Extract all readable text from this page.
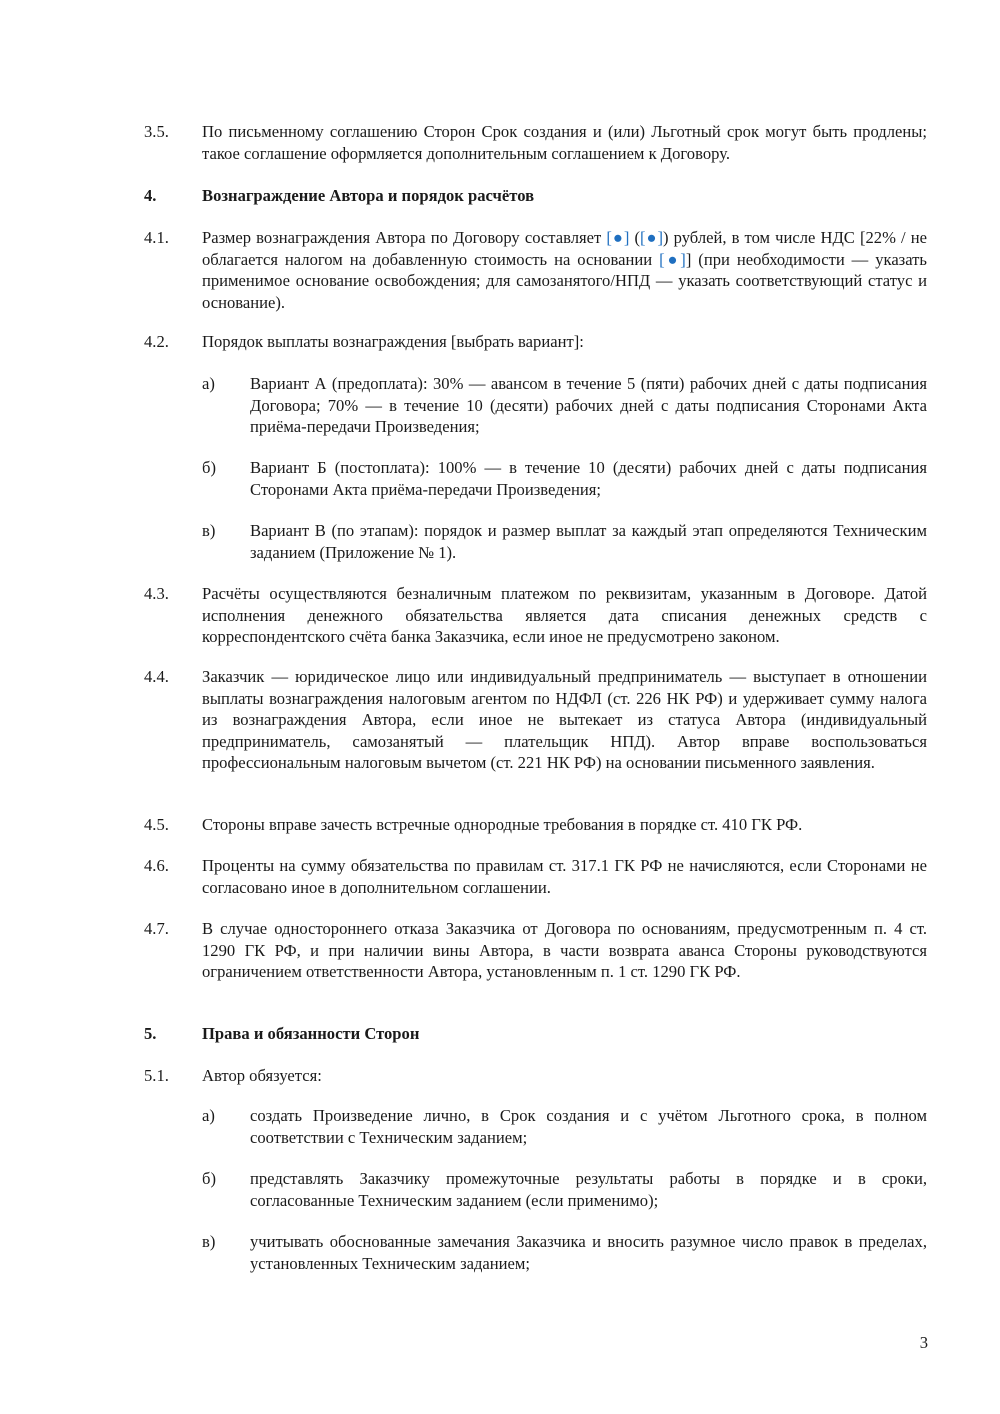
3.5.	По письменному соглашению Сторон Срок создания и (или) Льготный срок могут быть продлены; такое соглашение оформляется дополнительным соглашением к Договору.
4.	Вознаграждение Автора и порядок расчётов
4.1.	Размер вознаграждения Автора по Договору составляет [●] ([●]) рублей, в том числе НДС [22% / не облагается налогом на добавленную стоимость на основании [●]] (при необходимости — указать применимое основание освобождения; для самозанятого/НПД — указать соответствующий статус и основание).
4.2.	Порядок выплаты вознаграждения [выбрать вариант]:
а)	Вариант А (предоплата): 30% — авансом в течение 5 (пяти) рабочих дней с даты подписания Договора; 70% — в течение 10 (десяти) рабочих дней с даты подписания Сторонами Акта приёма-передачи Произведения;
б)	Вариант Б (постоплата): 100% — в течение 10 (десяти) рабочих дней с даты подписания Сторонами Акта приёма-передачи Произведения;
в)	Вариант В (по этапам): порядок и размер выплат за каждый этап определяются Техническим заданием (Приложение № 1).
4.3.	Расчёты осуществляются безналичным платежом по реквизитам, указанным в Договоре. Датой исполнения денежного обязательства является дата списания денежных средств с корреспондентского счёта банка Заказчика, если иное не предусмотрено законом.
4.4.	Заказчик — юридическое лицо или индивидуальный предприниматель — выступает в отношении выплаты вознаграждения налоговым агентом по НДФЛ (ст. 226 НК РФ) и удерживает сумму налога из вознаграждения Автора, если иное не вытекает из статуса Автора (индивидуальный предприниматель, самозанятый — плательщик НПД). Автор вправе воспользоваться профессиональным налоговым вычетом (ст. 221 НК РФ) на основании письменного заявления.
4.5.	Стороны вправе зачесть встречные однородные требования в порядке ст. 410 ГК РФ.
4.6.	Проценты на сумму обязательства по правилам ст. 317.1 ГК РФ не начисляются, если Сторонами не согласовано иное в дополнительном соглашении.
4.7.	В случае одностороннего отказа Заказчика от Договора по основаниям, предусмотренным п. 4 ст. 1290 ГК РФ, и при наличии вины Автора, в части возврата аванса Стороны руководствуются ограничением ответственности Автора, установленным п. 1 ст. 1290 ГК РФ.
5.	Права и обязанности Сторон
5.1.	Автор обязуется:
а)	создать Произведение лично, в Срок создания и с учётом Льготного срока, в полном соответствии с Техническим заданием;
б)	представлять Заказчику промежуточные результаты работы в порядке и в сроки, согласованные Техническим заданием (если применимо);
в)	учитывать обоснованные замечания Заказчика и вносить разумное число правок в пределах, установленных Техническим заданием;
3
